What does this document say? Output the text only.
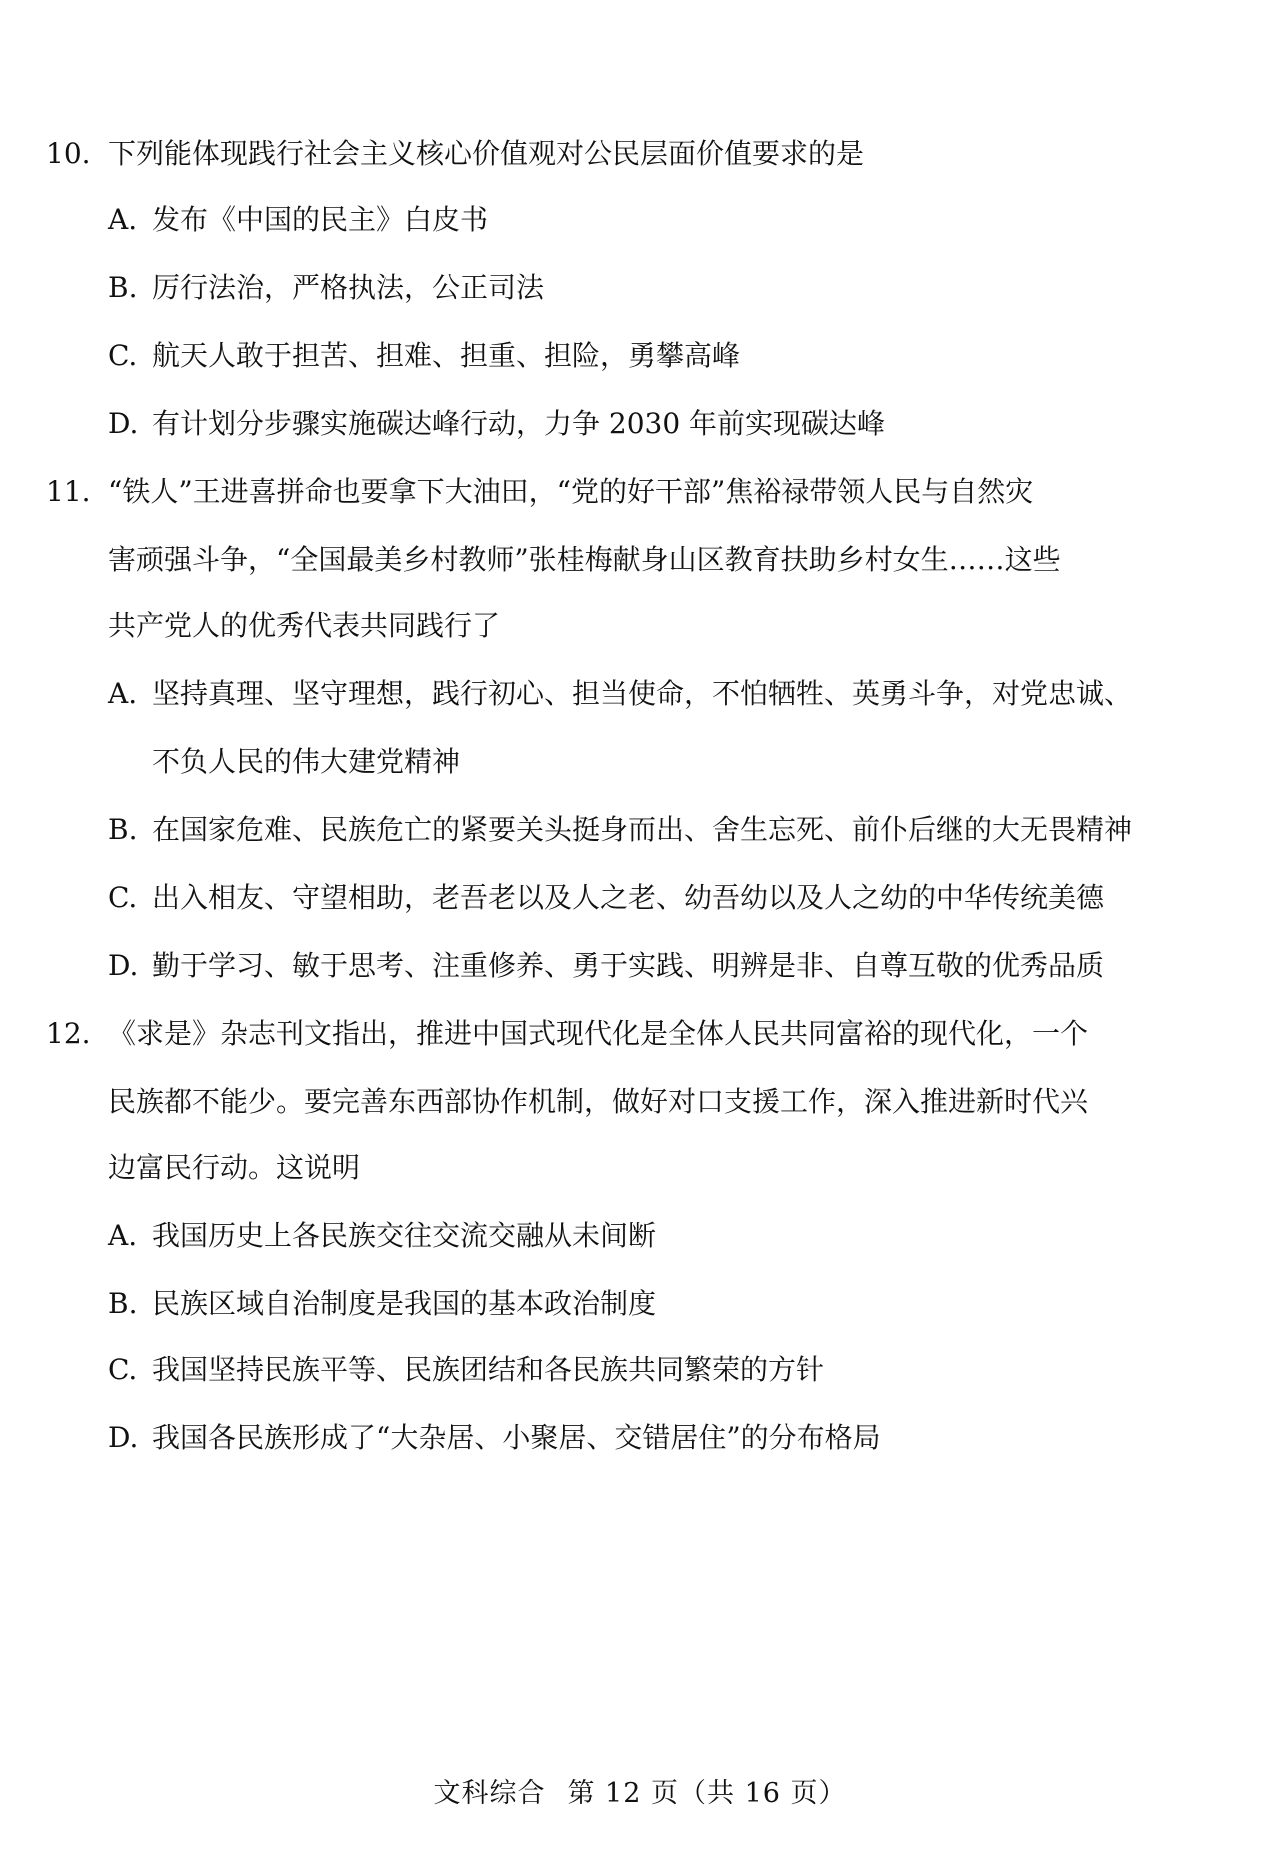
10. 下列能体现践行社会主义核心价值观对公民层面价值要求的是
A. 发布《中国的民主》白皮书
B. 厉行法治，严格执法，公正司法
C. 航天人敢于担苦、担难、担重、担险，勇攀高峰
D. 有计划分步骤实施碳达峰行动，力争 2030 年前实现碳达峰
11. “铁人”王进喜拼命也要拿下大油田，“党的好干部”焦裕禄带领人民与自然灾
害顽强斗争，“全国最美乡村教师”张桂梅献身山区教育扶助乡村女生……这些
共产党人的优秀代表共同践行了
A. 坚持真理、坚守理想，践行初心、担当使命，不怕牺牲、英勇斗争，对党忠诚、
不负人民的伟大建党精神
B. 在国家危难、民族危亡的紧要关头挺身而出、舍生忘死、前仆后继的大无畏精神
C. 出入相友、守望相助，老吾老以及人之老、幼吾幼以及人之幼的中华传统美德
D. 勤于学习、敏于思考、注重修养、勇于实践、明辨是非、自尊互敬的优秀品质
12. 《求是》杂志刊文指出，推进中国式现代化是全体人民共同富裕的现代化，一个
民族都不能少。要完善东西部协作机制，做好对口支援工作，深入推进新时代兴
边富民行动。这说明
A. 我国历史上各民族交往交流交融从未间断
B. 民族区域自治制度是我国的基本政治制度
C. 我国坚持民族平等、民族团结和各民族共同繁荣的方针
D. 我国各民族形成了“大杂居、小聚居、交错居住”的分布格局
文科综合 第 12 页（共 16 页）
